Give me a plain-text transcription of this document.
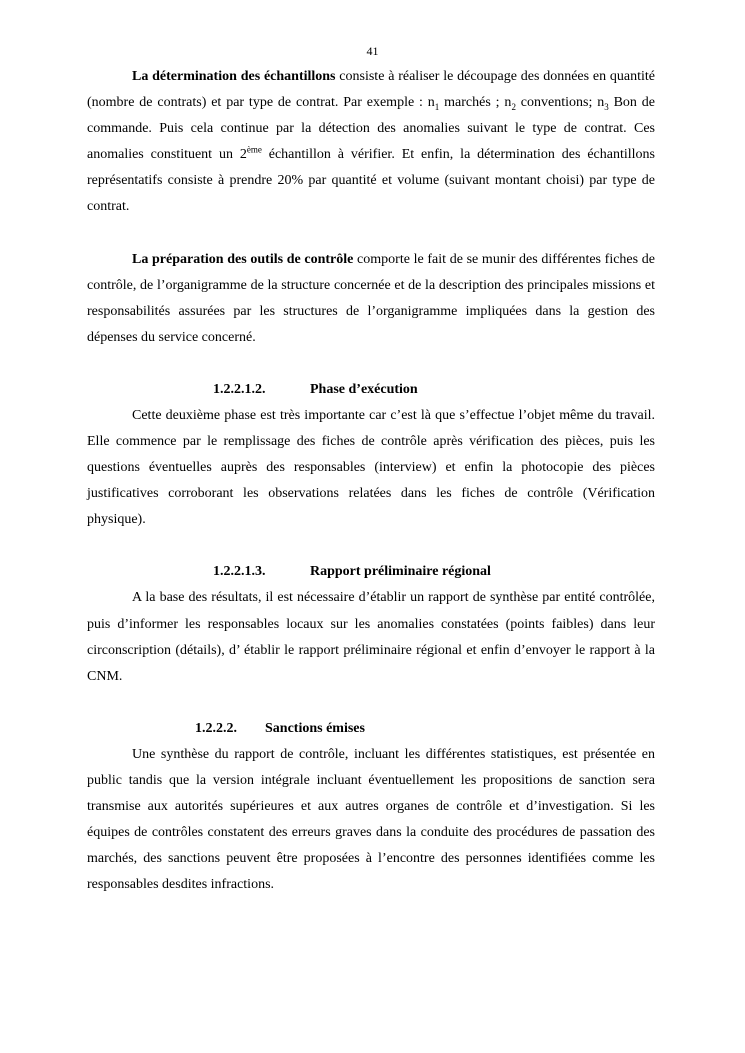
41

La détermination des échantillons consiste à réaliser le découpage des données en quantité (nombre de contrats) et par type de contrat. Par exemple : $n_1$ marchés ; $n_2$ conventions; $n_3$ Bon de commande. Puis cela continue par la détection des anomalies suivant le type de contrat. Ces anomalies constituent un 2ème échantillon à vérifier. Et enfin, la détermination des échantillons représentatifs consiste à prendre 20% par quantité et volume (suivant montant choisi) par type de contrat.

La préparation des outils de contrôle comporte le fait de se munir des différentes fiches de contrôle, de l’organigramme de la structure concernée et de la description des principales missions et responsabilités assurées par les structures de l’organigramme impliquées dans la gestion des dépenses du service concerné.

1.2.2.1.2.	Phase d’exécution

Cette deuxième phase est très importante car c’est là que s’effectue l’objet même du travail. Elle commence par le remplissage des fiches de contrôle après vérification des pièces, puis les questions éventuelles auprès des responsables (interview) et enfin la photocopie des pièces justificatives corroborant les observations relatées dans les fiches de contrôle (Vérification physique).

1.2.2.1.3.	Rapport préliminaire régional

A la base des résultats, il est nécessaire d’établir un rapport de synthèse par entité contrôlée, puis d’informer les responsables locaux sur les anomalies constatées (points faibles) dans leur circonscription (détails), d’ établir le rapport préliminaire régional et enfin d’envoyer le rapport à la CNM.

1.2.2.2. Sanctions émises

Une synthèse du rapport de contrôle, incluant les différentes statistiques, est présentée en public tandis que la version intégrale incluant éventuellement les propositions de sanction sera transmise aux autorités supérieures et aux autres organes de contrôle et d’investigation. Si les équipes de contrôles constatent des erreurs graves dans la conduite des procédures de passation des marchés, des sanctions peuvent être proposées à l’encontre des personnes identifiées comme les responsables desdites infractions.
